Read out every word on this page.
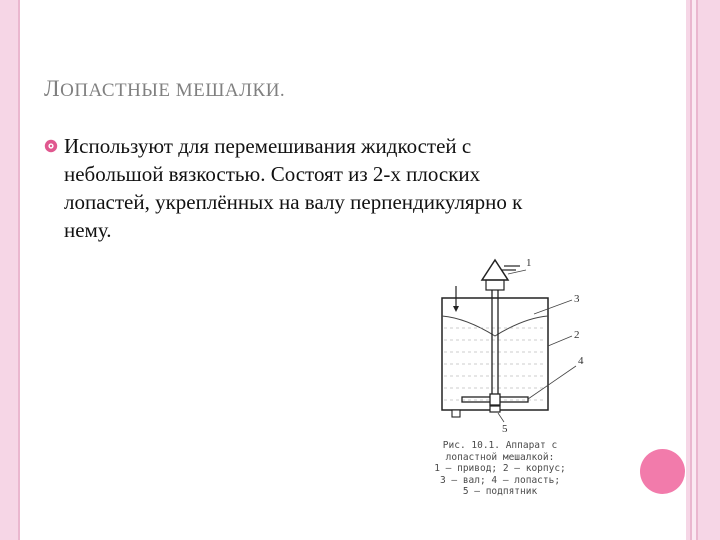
ЛОПАСТНЫЕ МЕШАЛКИ.
Используют для перемешивания жидкостей с небольшой вязкостью. Состоят из 2-х плоских лопастей, укреплённых на валу перпендикулярно к нему.
1
3
2
4
5
Рис. 10.1. Аппарат с
лопастной мешалкой:
1 – привод; 2 – корпус;
3 – вал; 4 – лопасть;
5 – подпятник
